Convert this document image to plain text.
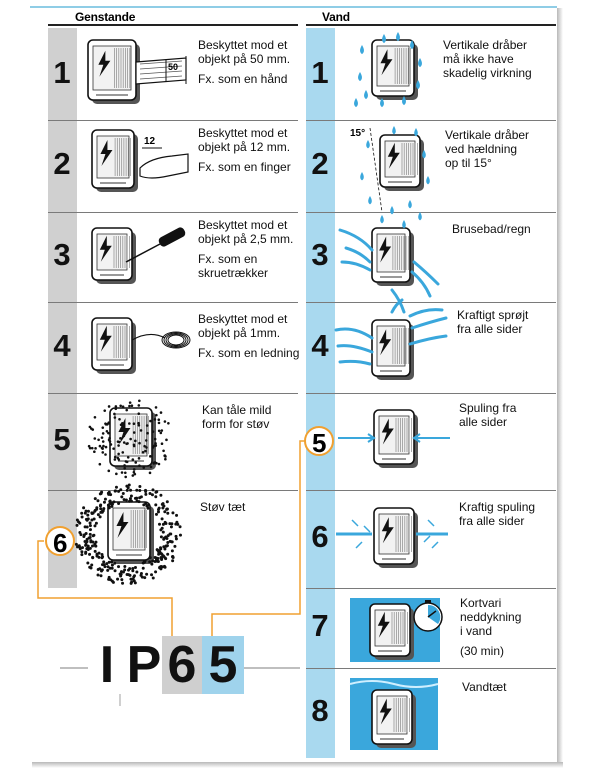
Genstande	Vand
1
Beskyttet mod et
objekt på 50 mm.
Fx. som en hånd
2
Beskyttet mod et
objekt på 12 mm.
Fx. som en finger
3
Beskyttet mod et
objekt på 2,5 mm.
Fx. som en
skruetrækker
4
Beskyttet mod et
objekt på 1mm.
Fx. som en ledning
5
Kan tåle mild
form for støv
Støv tæt
1
Vertikale dråber
må ikke have
skadelig virkning
2
Vertikale dråber
ved hældning
op til 15°
3
Brusebad/regn
4
Kraftigt sprøjt
fra alle sider
Spuling fra
alle sider
6
Kraftig spuling
fra alle sider
7
Kortvari
neddykning
i vand
(30 min)
8
Vandtæt
50
12
15°
6
5
I P 6 5
